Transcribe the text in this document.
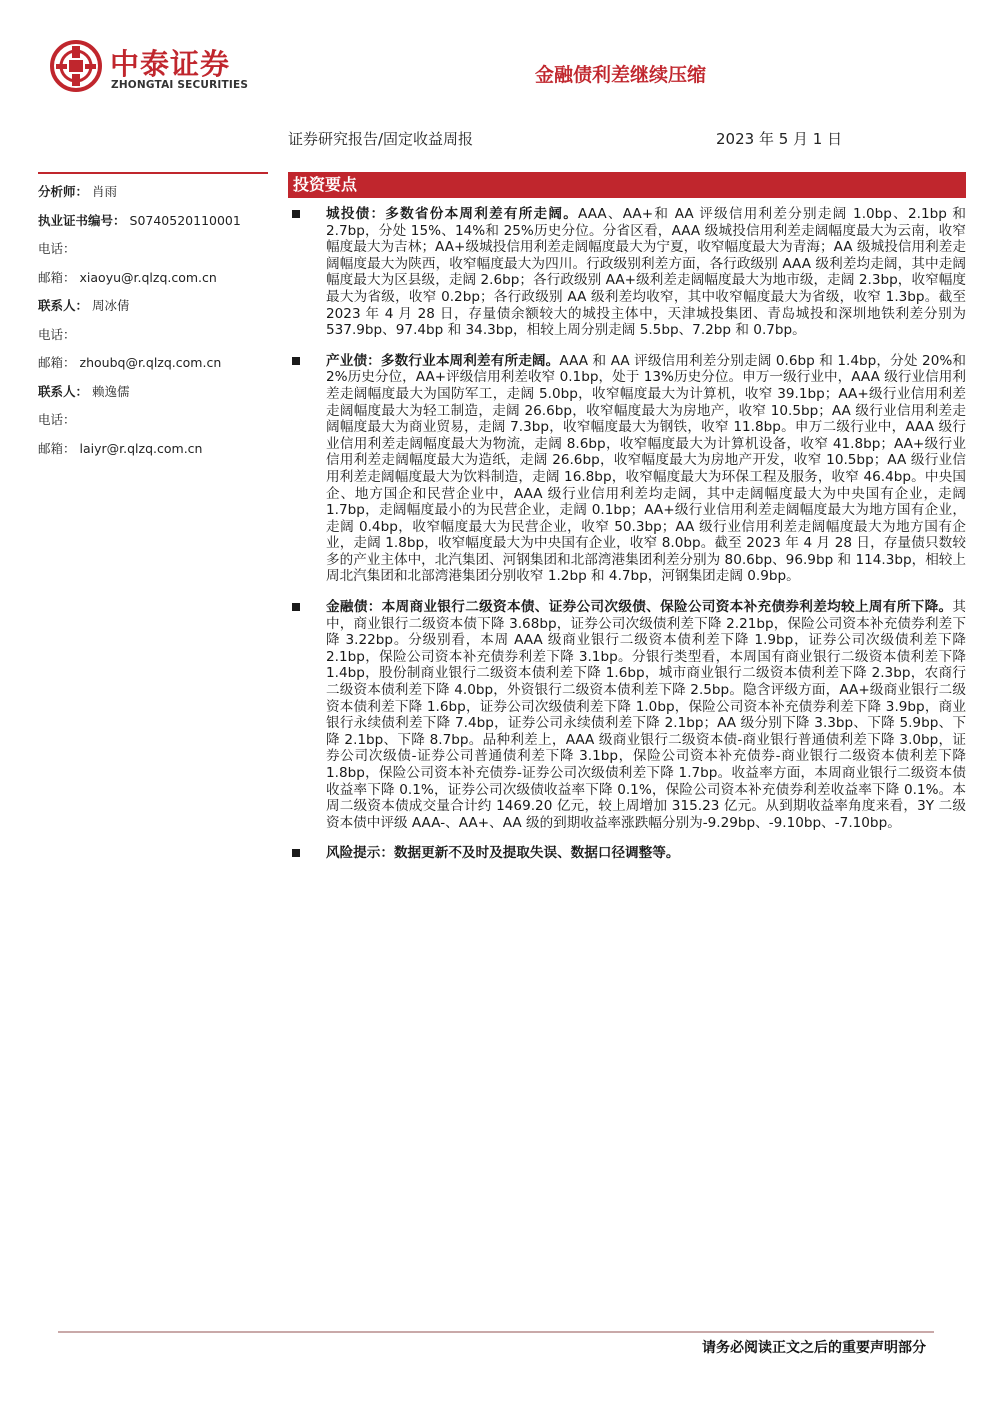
中泰证券
ZHONGTAI SECURITIES	金融债利差继续压缩
证券研究报告/固定收益周报	2023 年 5 月 1 日
分析师： 肖雨
执业证书编号： S0740520110001
电话：
邮箱： xiaoyu@r.qlzq.com.cn
联系人： 周冰倩
电话：
邮箱： zhoubq@r.qlzq.com.cn
联系人： 赖逸儒
电话：
邮箱： laiyr@r.qlzq.com.cn
投资要点
城投债：多数省份本周利差有所走阔。AAA、AA+和 AA 评级信用利差分别走阔 1.0bp、2.1bp 和 2.7bp，分处 15%、14%和 25%历史分位。分省区看，AAA 级城投信用利差走阔幅度最大为云南，收窄幅度最大为吉林；AA+级城投信用利差走阔幅度最大为宁夏，收窄幅度最大为青海；AA 级城投信用利差走阔幅度最大为陕西，收窄幅度最大为四川。行政级别利差方面，各行政级别 AAA 级利差均走阔，其中走阔幅度最大为区县级，走阔 2.6bp；各行政级别 AA+级利差走阔幅度最大为地市级，走阔 2.3bp，收窄幅度最大为省级，收窄 0.2bp；各行政级别 AA 级利差均收窄，其中收窄幅度最大为省级，收窄 1.3bp。截至 2023 年 4 月 28 日，存量债余额较大的城投主体中，天津城投集团、青岛城投和深圳地铁利差分别为 537.9bp、97.4bp 和 34.3bp，相较上周分别走阔 5.5bp、7.2bp 和 0.7bp。
产业债：多数行业本周利差有所走阔。AAA 和 AA 评级信用利差分别走阔 0.6bp 和 1.4bp，分处 20%和 2%历史分位，AA+评级信用利差收窄 0.1bp，处于 13%历史分位。申万一级行业中，AAA 级行业信用利差走阔幅度最大为国防军工，走阔 5.0bp，收窄幅度最大为计算机，收窄 39.1bp；AA+级行业信用利差走阔幅度最大为轻工制造，走阔 26.6bp，收窄幅度最大为房地产，收窄 10.5bp；AA 级行业信用利差走阔幅度最大为商业贸易，走阔 7.3bp，收窄幅度最大为钢铁，收窄 11.8bp。申万二级行业中，AAA 级行业信用利差走阔幅度最大为物流，走阔 8.6bp，收窄幅度最大为计算机设备，收窄 41.8bp；AA+级行业信用利差走阔幅度最大为造纸，走阔 26.6bp，收窄幅度最大为房地产开发，收窄 10.5bp；AA 级行业信用利差走阔幅度最大为饮料制造，走阔 16.8bp，收窄幅度最大为环保工程及服务，收窄 46.4bp。中央国企、地方国企和民营企业中，AAA 级行业信用利差均走阔，其中走阔幅度最大为中央国有企业，走阔 1.7bp，走阔幅度最小的为民营企业，走阔 0.1bp；AA+级行业信用利差走阔幅度最大为地方国有企业，走阔 0.4bp，收窄幅度最大为民营企业，收窄 50.3bp；AA 级行业信用利差走阔幅度最大为地方国有企业，走阔 1.8bp，收窄幅度最大为中央国有企业，收窄 8.0bp。截至 2023 年 4 月 28 日，存量债只数较多的产业主体中，北汽集团、河钢集团和北部湾港集团利差分别为 80.6bp、96.9bp 和 114.3bp，相较上周北汽集团和北部湾港集团分别收窄 1.2bp 和 4.7bp，河钢集团走阔 0.9bp。
金融债：本周商业银行二级资本债、证券公司次级债、保险公司资本补充债券利差均较上周有所下降。其中，商业银行二级资本债下降 3.68bp，证券公司次级债利差下降 2.21bp，保险公司资本补充债券利差下降 3.22bp。分级别看，本周 AAA 级商业银行二级资本债利差下降 1.9bp，证券公司次级债利差下降 2.1bp，保险公司资本补充债券利差下降 3.1bp。分银行类型看，本周国有商业银行二级资本债利差下降 1.4bp，股份制商业银行二级资本债利差下降 1.6bp，城市商业银行二级资本债利差下降 2.3bp，农商行二级资本债利差下降 4.0bp，外资银行二级资本债利差下降 2.5bp。隐含评级方面，AA+级商业银行二级资本债利差下降 1.6bp，证券公司次级债利差下降 1.0bp，保险公司资本补充债券利差下降 3.9bp，商业银行永续债利差下降 7.4bp，证券公司永续债利差下降 2.1bp；AA 级分别下降 3.3bp、下降 5.9bp、下降 2.1bp、下降 8.7bp。品种利差上，AAA 级商业银行二级资本债-商业银行普通债利差下降 3.0bp，证券公司次级债-证券公司普通债利差下降 3.1bp，保险公司资本补充债券-商业银行二级资本债利差下降 1.8bp，保险公司资本补充债券-证券公司次级债利差下降 1.7bp。收益率方面，本周商业银行二级资本债收益率下降 0.1%，证券公司次级债收益率下降 0.1%，保险公司资本补充债券利差收益率下降 0.1%。本周二级资本债成交量合计约 1469.20 亿元，较上周增加 315.23 亿元。从到期收益率角度来看，3Y 二级资本债中评级 AAA-、AA+、AA 级的到期收益率涨跌幅分别为-9.29bp、-9.10bp、-7.10bp。
风险提示：数据更新不及时及提取失误、数据口径调整等。
请务必阅读正文之后的重要声明部分
